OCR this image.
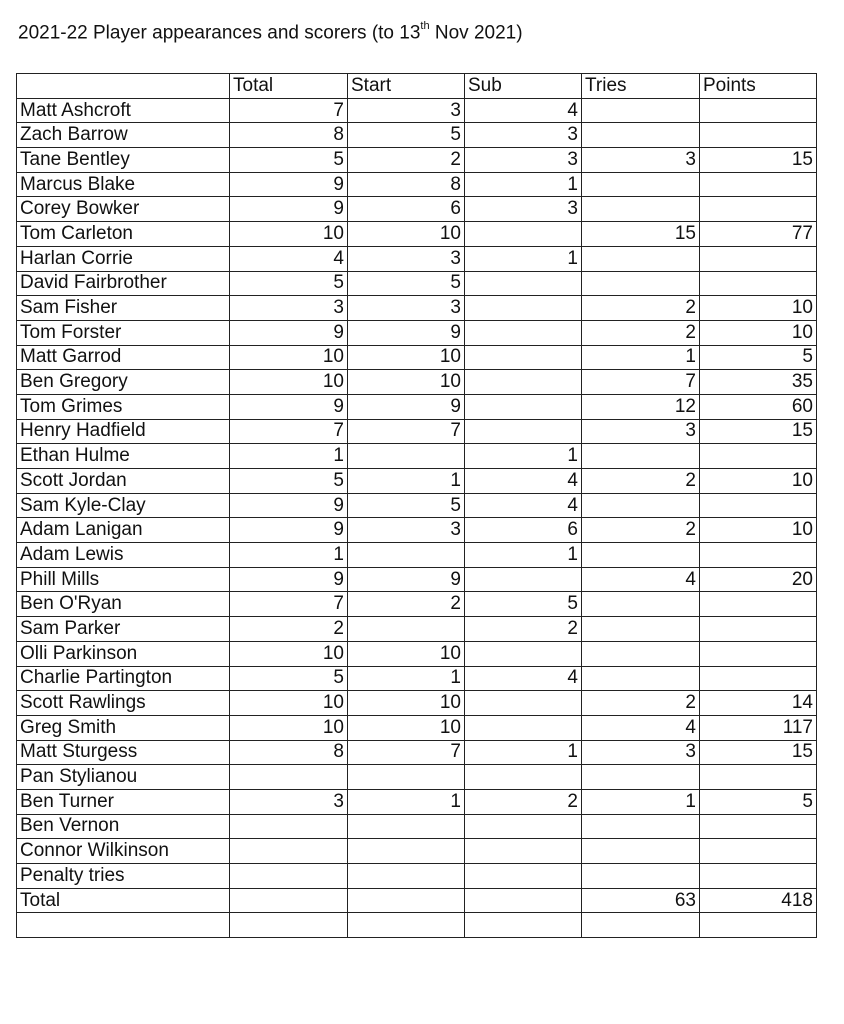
2021-22 Player appearances and scorers (to 13th Nov 2021)
	Total	Start	Sub	Tries	Points
Matt Ashcroft	7	3	4		
Zach Barrow	8	5	3		
Tane Bentley	5	2	3	3	15
Marcus Blake	9	8	1		
Corey Bowker	9	6	3		
Tom Carleton	10	10		15	77
Harlan Corrie	4	3	1		
David Fairbrother	5	5			
Sam Fisher	3	3		2	10
Tom Forster	9	9		2	10
Matt Garrod	10	10		1	5
Ben Gregory	10	10		7	35
Tom Grimes	9	9		12	60
Henry Hadfield	7	7		3	15
Ethan Hulme	1		1		
Scott Jordan	5	1	4	2	10
Sam Kyle-Clay	9	5	4		
Adam Lanigan	9	3	6	2	10
Adam Lewis	1		1		
Phill Mills	9	9		4	20
Ben O'Ryan	7	2	5		
Sam Parker	2		2		
Olli Parkinson	10	10			
Charlie Partington	5	1	4		
Scott Rawlings	10	10		2	14
Greg Smith	10	10		4	117
Matt Sturgess	8	7	1	3	15
Pan Stylianou					
Ben Turner	3	1	2	1	5
Ben Vernon					
Connor Wilkinson					
Penalty tries					
Total				63	418
